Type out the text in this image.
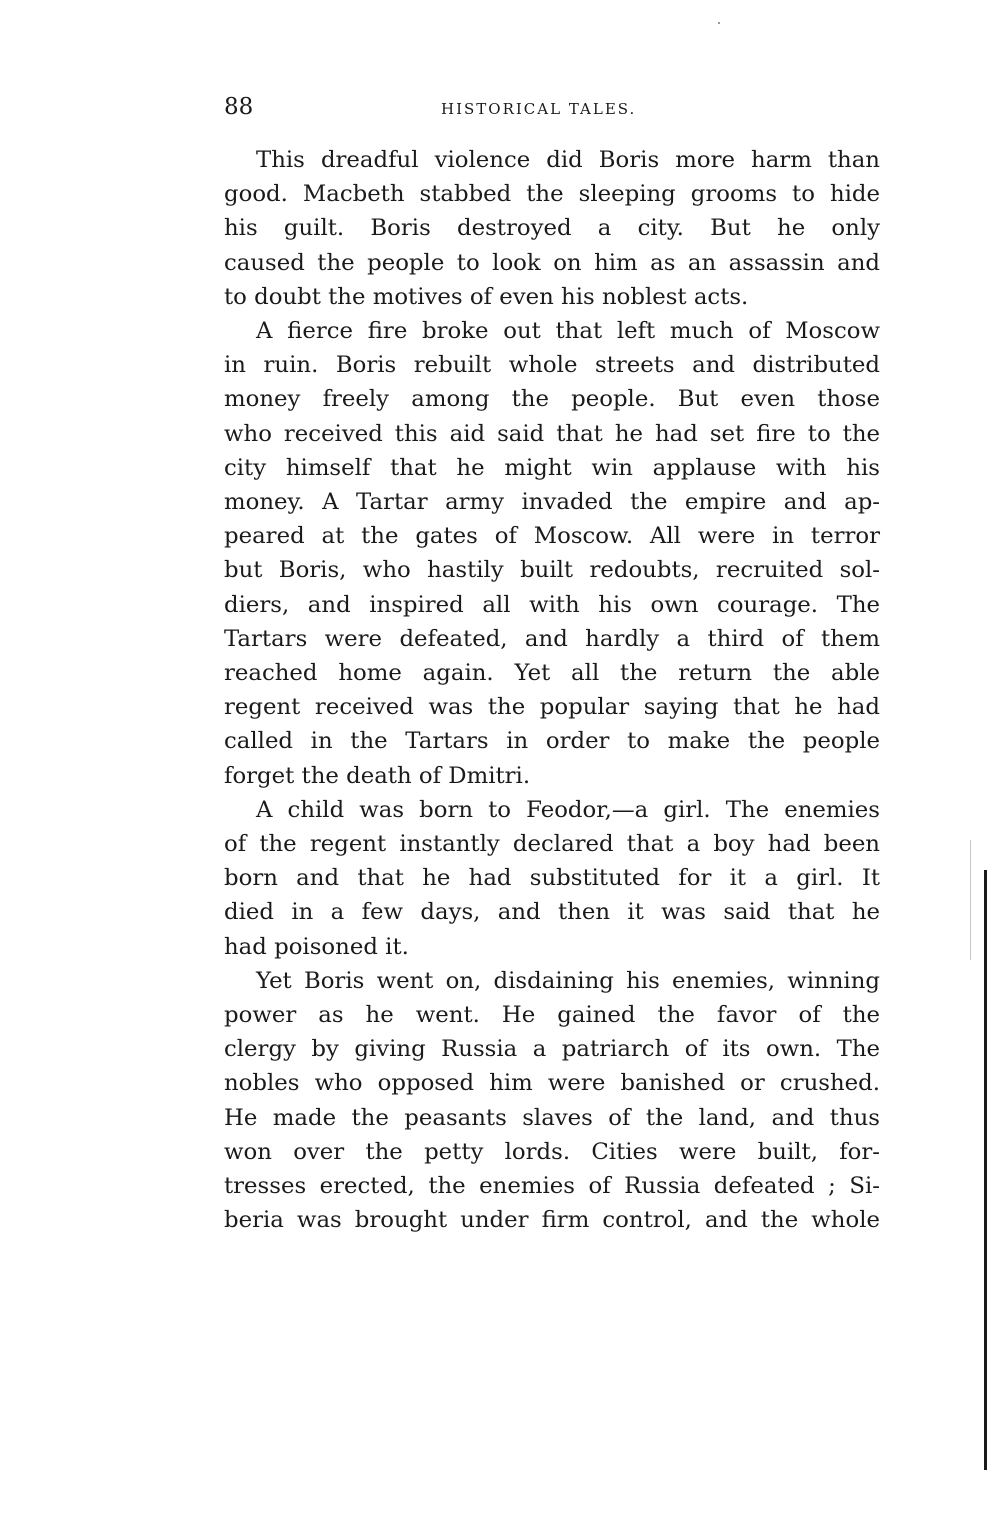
88	HISTORICAL TALES.
This dreadful violence did Boris more harm than
good. Macbeth stabbed the sleeping grooms to hide
his guilt. Boris destroyed a city. But he only
caused the people to look on him as an assassin and
to doubt the motives of even his noblest acts.
A fierce fire broke out that left much of Moscow
in ruin. Boris rebuilt whole streets and distributed
money freely among the people. But even those
who received this aid said that he had set fire to the
city himself that he might win applause with his
money. A Tartar army invaded the empire and ap-
peared at the gates of Moscow. All were in terror
but Boris, who hastily built redoubts, recruited sol-
diers, and inspired all with his own courage. The
Tartars were defeated, and hardly a third of them
reached home again. Yet all the return the able
regent received was the popular saying that he had
called in the Tartars in order to make the people
forget the death of Dmitri.
A child was born to Feodor,—a girl. The enemies
of the regent instantly declared that a boy had been
born and that he had substituted for it a girl. It
died in a few days, and then it was said that he
had poisoned it.
Yet Boris went on, disdaining his enemies, winning
power as he went. He gained the favor of the
clergy by giving Russia a patriarch of its own. The
nobles who opposed him were banished or crushed.
He made the peasants slaves of the land, and thus
won over the petty lords. Cities were built, for-
tresses erected, the enemies of Russia defeated ; Si-
beria was brought under firm control, and the whole
